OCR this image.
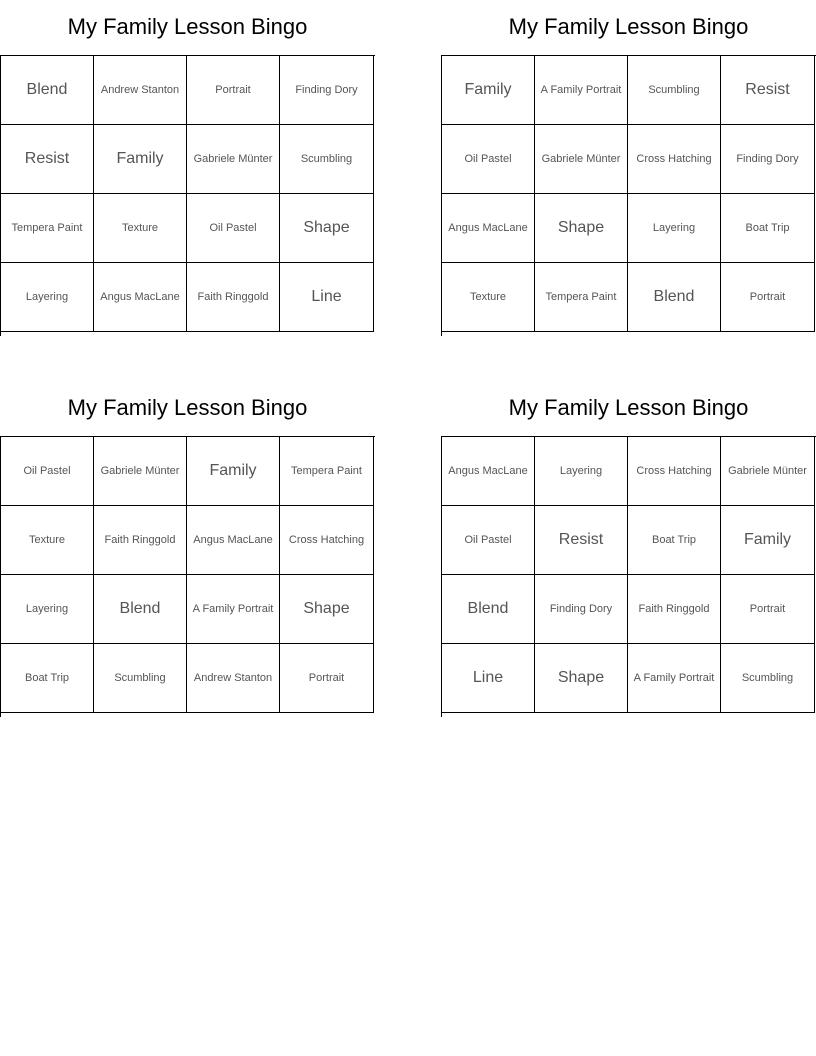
My Family Lesson Bingo
Blend	Andrew Stanton	Portrait	Finding Dory
Resist	Family	Gabriele Münter	Scumbling
Tempera Paint	Texture	Oil Pastel	Shape
Layering	Angus MacLane	Faith Ringgold	Line
My Family Lesson Bingo
Family	A Family Portrait	Scumbling	Resist
Oil Pastel	Gabriele Münter	Cross Hatching	Finding Dory
Angus MacLane	Shape	Layering	Boat Trip
Texture	Tempera Paint	Blend	Portrait
My Family Lesson Bingo
Oil Pastel	Gabriele Münter	Family	Tempera Paint
Texture	Faith Ringgold	Angus MacLane	Cross Hatching
Layering	Blend	A Family Portrait	Shape
Boat Trip	Scumbling	Andrew Stanton	Portrait
My Family Lesson Bingo
Angus MacLane	Layering	Cross Hatching	Gabriele Münter
Oil Pastel	Resist	Boat Trip	Family
Blend	Finding Dory	Faith Ringgold	Portrait
Line	Shape	A Family Portrait	Scumbling
